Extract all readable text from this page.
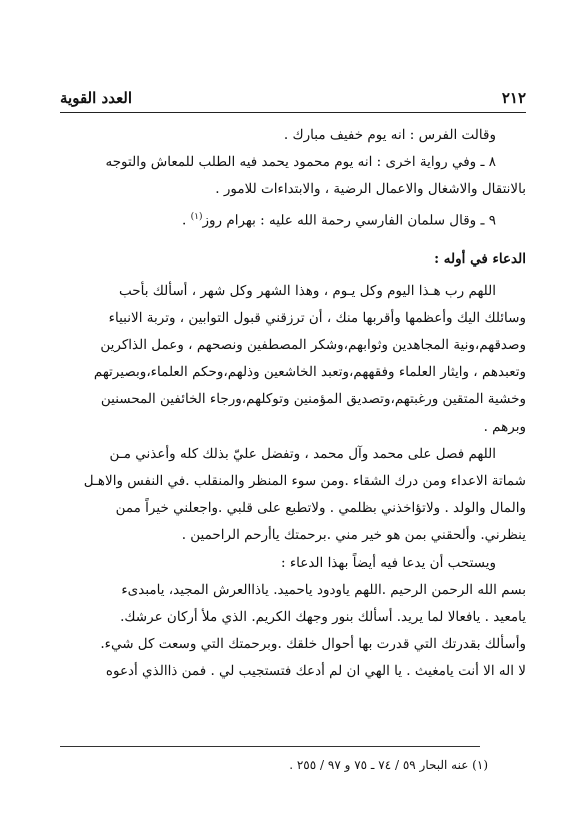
٢١٢
العدد القوية

وقالت الفرس : انه يوم خفيف مبارك .

٨ ـ وفي رواية اخرى : انه يوم محمود يحمد فيه الطلب للمعاش والتوجه

بالانتقال والاشغال والاعمال الرضية ، والابتداءات للامور .

٩ ـ وقال سلمان الفارسي رحمة الله عليه : بهرام روز$^{(١)}$ .

الدعاء في أوله :

اللهم رب هـذا اليوم وكل يـوم ، وهذا الشهر وكل شهر ، أسألك بأحب

وسائلك اليك وأعظمها وأقربها منك ، أن ترزقني قبول التوابين ، وتربة الانبياء

وصدقهم،ونية المجاهدين وثوابهم،وشكر المصطفين ونصحهم ، وعمل الذاكرين

وتعبدهم ، وايثار العلماء وفقههم،وتعبد الخاشعين وذلهم،وحكم العلماء،وبصيرتهم

وخشية المتقين ورغبتهم،وتصديق المؤمنين وتوكلهم،ورجاء الخائفين المحسنين

وبرهم .

اللهم فصل على محمد وآل محمد ، وتفضل عليّ بذلك كله وأعذني مـن

شماتة الاعداء ومن درك الشقاء .ومن سوء المنظر والمنقلب .في النفس والاهـل

والمال والولد . ولاتؤاخذني بظلمي . ولاتطبع على قلبي .واجعلني خيراً ممن

ينظرني. وألحقني بمن هو خير مني .برحمتك ياأرحم الراحمين .

ويستحب أن يدعا فيه أيضاً بهذا الدعاء :

بسم الله الرحمن الرحيم .اللهم ياودود ياحميد. ياذاالعرش المجيد، يامبدىء

يامعيد . يافعالا لما يريد. أسألك بنور وجهك الكريم. الذي ملأ أركان عرشك.

وأسألك بقدرتك التي قدرت بها أحوال خلقك .وبرحمتك التي وسعت كل شيء.

لا اله الا أنت يامغيث . يا الهي ان لم أدعك فتستجيب لي . فمن ذاالذي أدعوه

(١) عنه البحار ٥٩ / ٧٤ ـ ٧٥ و ٩٧ / ٢٥٥ .
